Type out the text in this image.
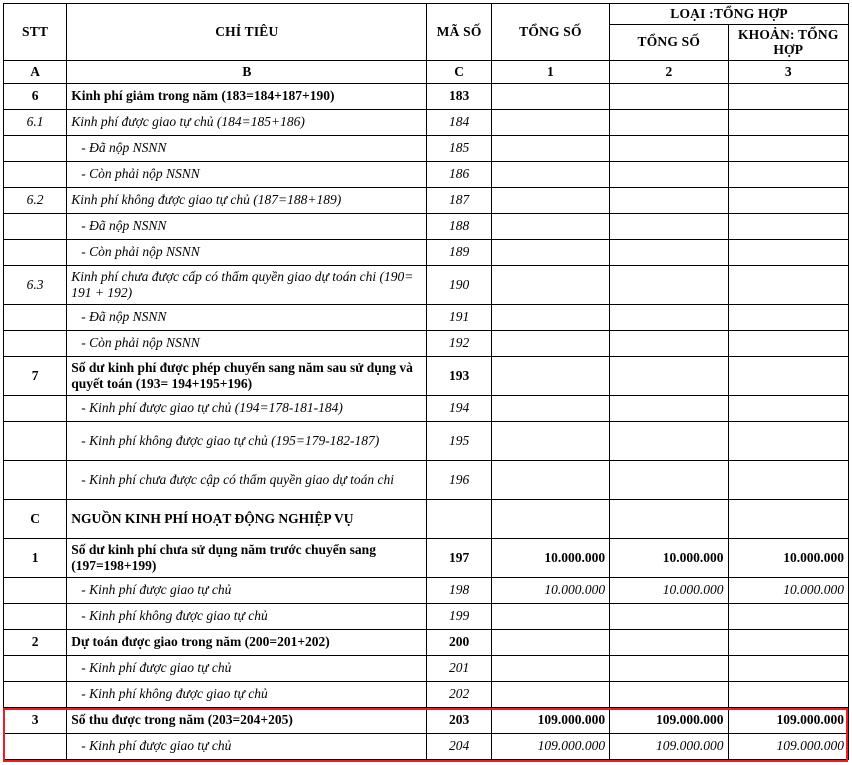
STT	CHỈ TIÊU	MÃ SỐ	TỔNG SỐ	LOẠI :TỔNG HỢP	
				TỔNG SỐ	KHOẢN: TỔNG HỢP
A	B	C	1	2	3
6	Kinh phí giảm trong năm (183=184+187+190)	183			
6.1	Kinh phí được giao tự chủ (184=185+186)	184			
	- Đã nộp NSNN	185			
	- Còn phải nộp NSNN	186			
6.2	Kinh phí không được giao tự chủ (187=188+189)	187			
	- Đã nộp NSNN	188			
	- Còn phải nộp NSNN	189			
6.3	Kinh phí chưa được cấp có thẩm quyền giao dự toán chi (190= 191 + 192)	190			
	- Đã nộp NSNN	191			
	- Còn phải nộp NSNN	192			
7	Số dư kinh phí được phép chuyển sang năm sau sử dụng và quyết toán (193= 194+195+196)	193			
	- Kinh phí được giao tự chủ (194=178-181-184)	194			
	- Kinh phí không được giao tự chủ (195=179-182-187)	195			
	- Kinh phí chưa được cập có thẩm quyền giao dự toán chi	196			
C	NGUỒN KINH PHÍ HOẠT ĐỘNG NGHIỆP VỤ				
1	Số dư kinh phí chưa sử dụng năm trước chuyển sang (197=198+199)	197	10.000.000	10.000.000	10.000.000
	- Kinh phí được giao tự chủ	198	10.000.000	10.000.000	10.000.000
	- Kinh phí không được giao tự chủ	199			
2	Dự toán được giao trong năm (200=201+202)	200			
	- Kinh phí được giao tự chủ	201			
	- Kinh phí không được giao tự chủ	202			
3	Số thu được trong năm (203=204+205)	203	109.000.000	109.000.000	109.000.000
	- Kinh phí được giao tự chủ	204	109.000.000	109.000.000	109.000.000
